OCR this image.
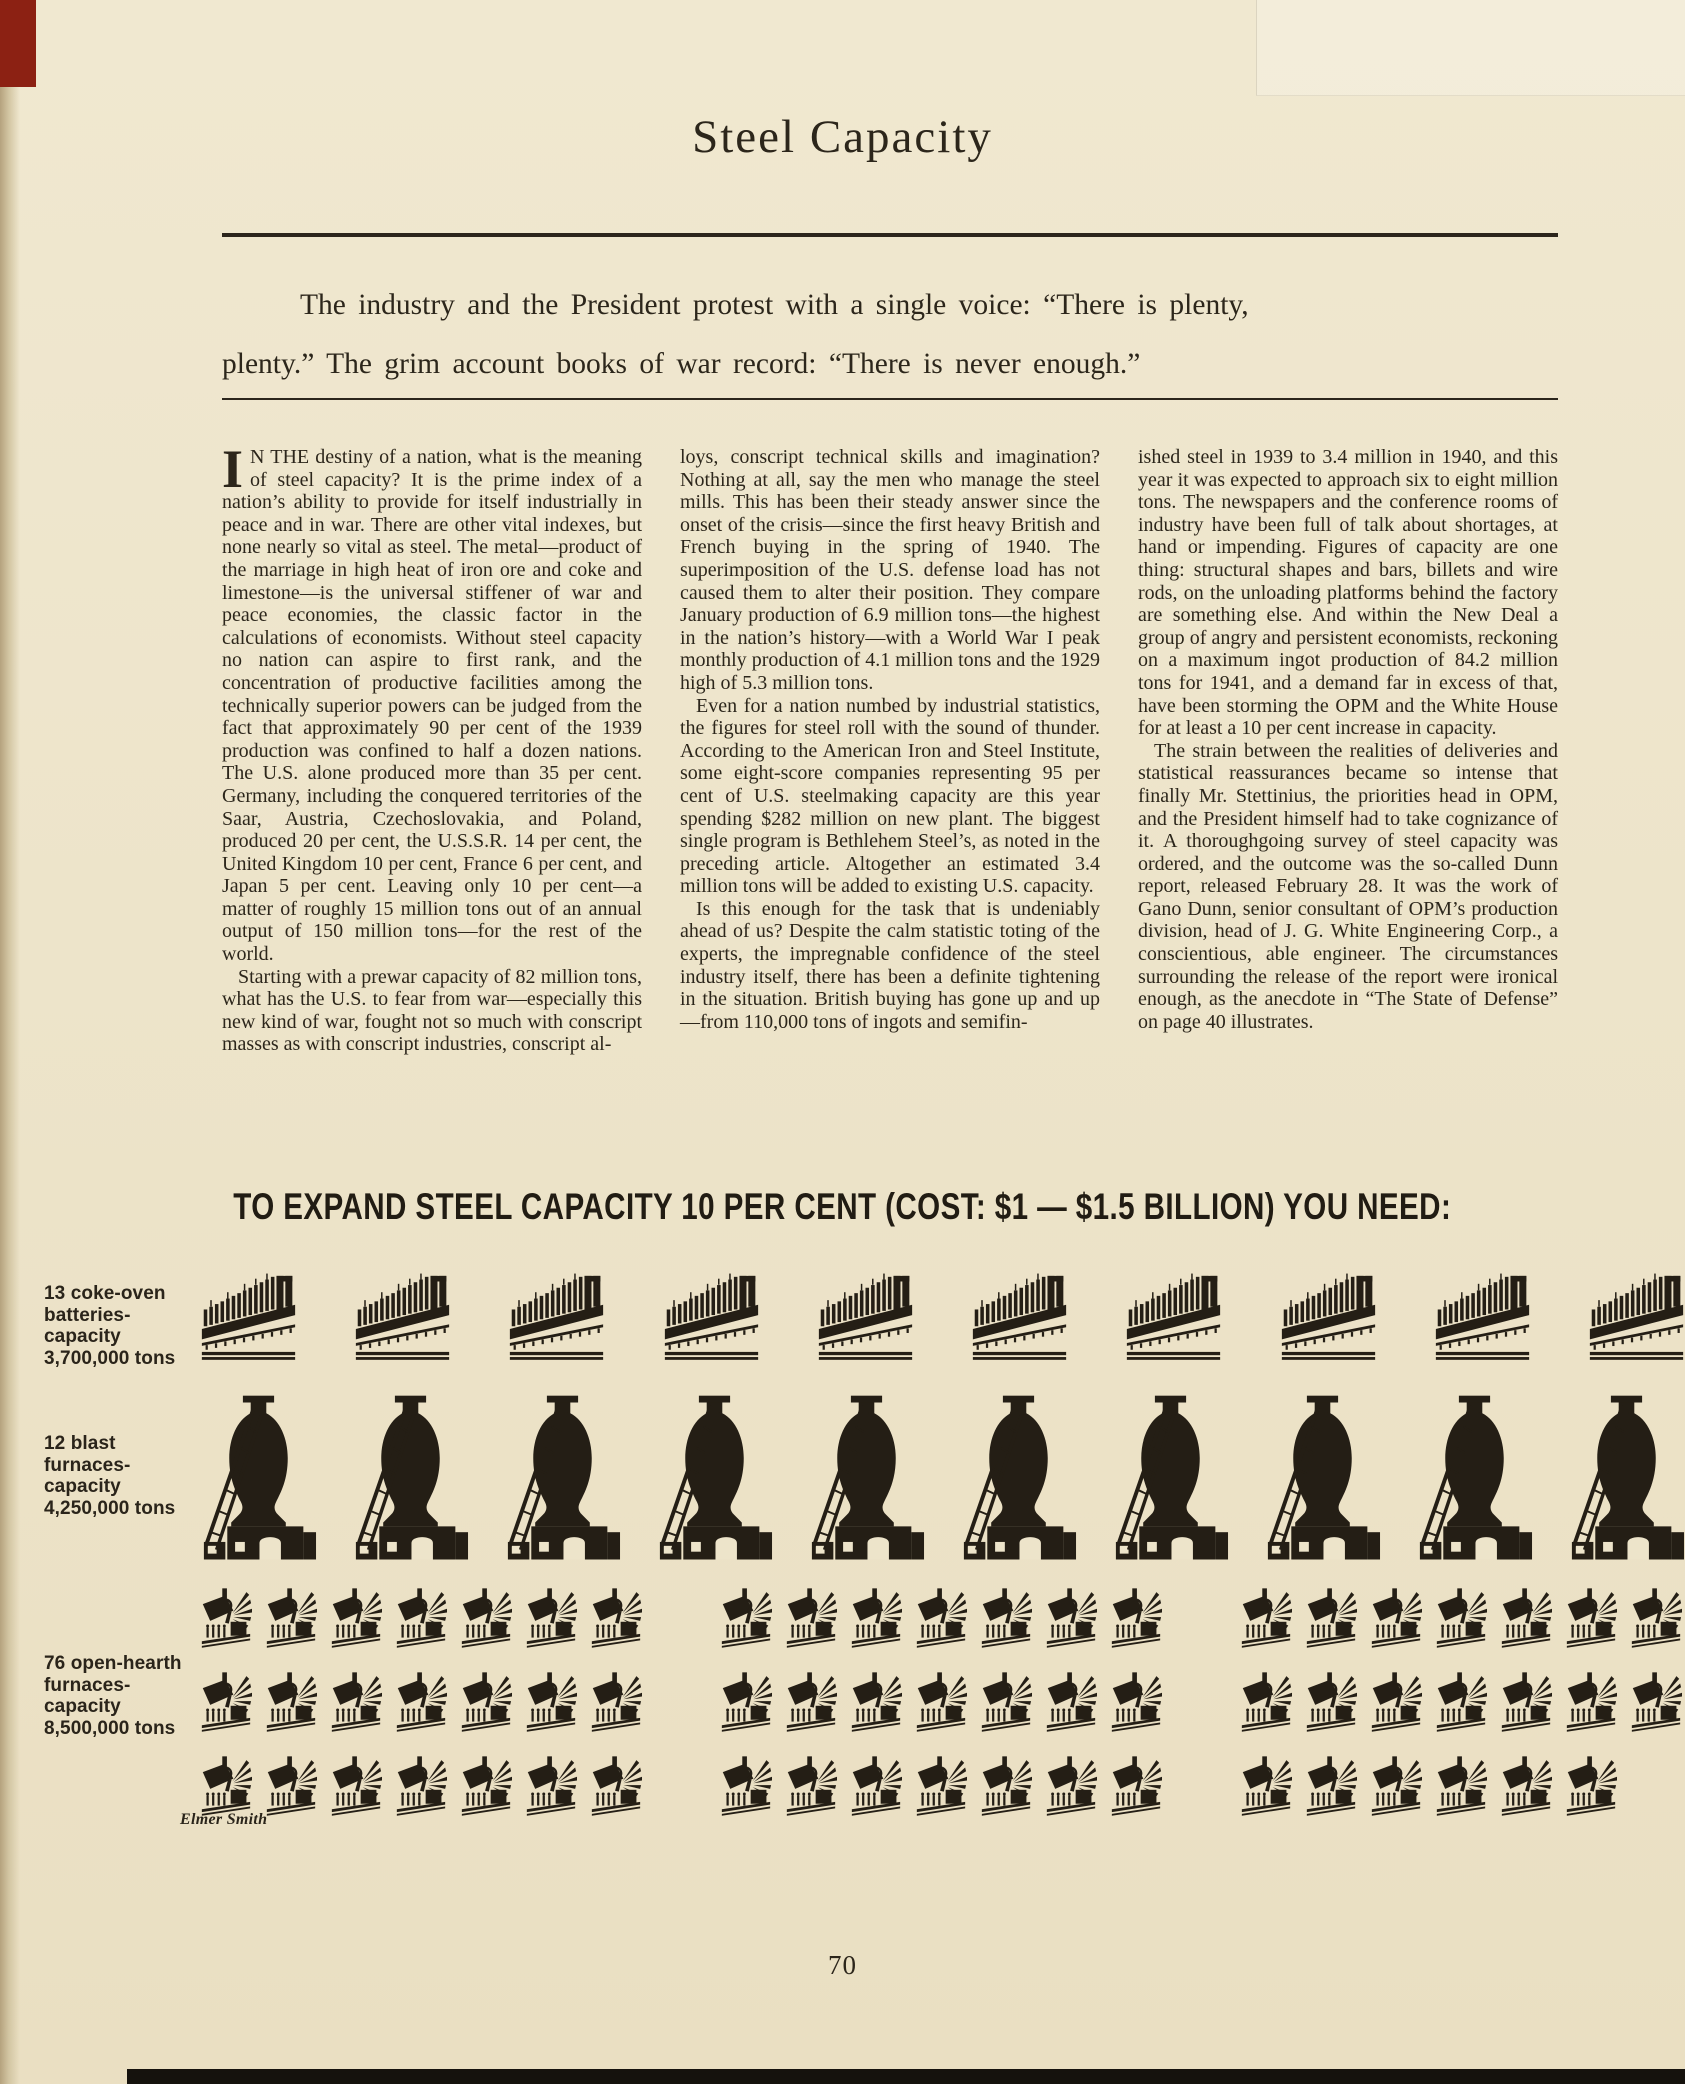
Steel Capacity

The industry and the President protest with a single voice: “There is plenty,
plenty.” The grim account books of war record: “There is never enough.”

I N THE destiny of a nation, what is the meaning of steel capacity? It is the prime index of a nation’s ability to provide for itself industrially in peace and in war. There are other vital indexes, but none nearly so vital as steel. The metal—product of the marriage in high heat of iron ore and coke and limestone—is the universal stiffener of war and peace economies, the classic factor in the calculations of economists. Without steel capacity no nation can aspire to first rank, and the concentration of productive facilities among the technically superior powers can be judged from the fact that approximately 90 per cent of the 1939 production was confined to half a dozen nations. The U.S. alone produced more than 35 per cent. Germany, including the conquered territories of the Saar, Austria, Czechoslovakia, and Poland, produced 20 per cent, the U.S.S.R. 14 per cent, the United Kingdom 10 per cent, France 6 per cent, and Japan 5 per cent. Leaving only 10 per cent—a matter of roughly 15 million tons out of an annual output of 150 million tons—for the rest of the world.

Starting with a prewar capacity of 82 million tons, what has the U.S. to fear from war—especially this new kind of war, fought not so much with conscript masses as with conscript industries, conscript al-

loys, conscript technical skills and imagination? Nothing at all, say the men who manage the steel mills. This has been their steady answer since the onset of the crisis—since the first heavy British and French buying in the spring of 1940. The superimposition of the U.S. defense load has not caused them to alter their position. They compare January production of 6.9 million tons—the highest in the nation’s history—with a World War I peak monthly production of 4.1 million tons and the 1929 high of 5.3 million tons.

Even for a nation numbed by industrial statistics, the figures for steel roll with the sound of thunder. According to the American Iron and Steel Institute, some eight-score companies representing 95 per cent of U.S. steelmaking capacity are this year spending $282 million on new plant. The biggest single program is Bethlehem Steel’s, as noted in the preceding article. Altogether an estimated 3.4 million tons will be added to existing U.S. capacity.

Is this enough for the task that is undeniably ahead of us? Despite the calm statistic toting of the experts, the impregnable confidence of the steel industry itself, there has been a definite tightening in the situation. British buying has gone up and up—from 110,000 tons of ingots and semifin-

ished steel in 1939 to 3.4 million in 1940, and this year it was expected to approach six to eight million tons. The newspapers and the conference rooms of industry have been full of talk about shortages, at hand or impending. Figures of capacity are one thing: structural shapes and bars, billets and wire rods, on the unloading platforms behind the factory are something else. And within the New Deal a group of angry and persistent economists, reckoning on a maximum ingot production of 84.2 million tons for 1941, and a demand far in excess of that, have been storming the OPM and the White House for at least a 10 per cent increase in capacity.

The strain between the realities of deliveries and statistical reassurances became so intense that finally Mr. Stettinius, the priorities head in OPM, and the President himself had to take cognizance of it. A thoroughgoing survey of steel capacity was ordered, and the outcome was the so-called Dunn report, released February 28. It was the work of Gano Dunn, senior consultant of OPM’s production division, head of J. G. White Engineering Corp., a conscientious, able engineer. The circumstances surrounding the release of the report were ironical enough, as the anecdote in “The State of Defense” on page 40 illustrates.

TO EXPAND STEEL CAPACITY 10 PER CENT (COST: $1 — $1.5 BILLION) YOU NEED:
13 coke-oven
batteries-
capacity
3,700,000 tons
12 blast
furnaces-
capacity
4,250,000 tons
76 open-hearth
furnaces-
capacity
8,500,000 tons
Elmer Smith
70
